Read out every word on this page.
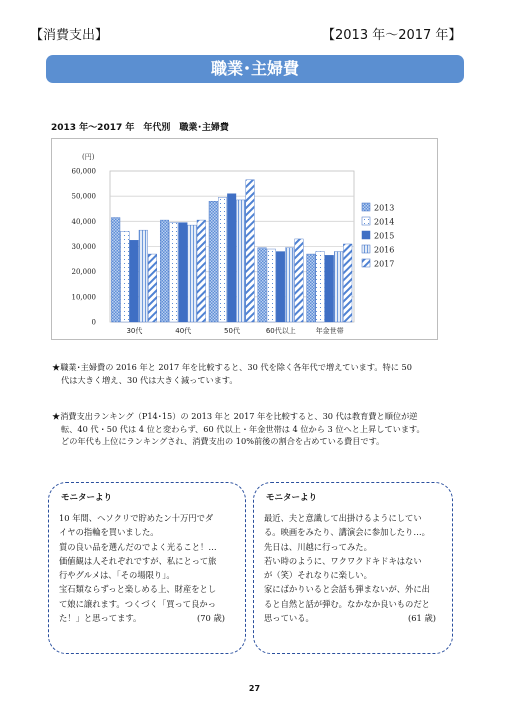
【消費支出】	【2013 年～2017 年】
職業･主婦費
2013 年～2017 年　年代別　職業･主婦費
(円)
0
10,000
20,000
30,000
40,000
50,000
60,000
30代	40代	50代	60代以上	年金世帯
2013
2014
2015
2016
2017
★職業･主婦費の 2016 年と 2017 年を比較すると、30 代を除く各年代で増えています。特に 50
代は大きく増え、30 代は大きく減っています。
★消費支出ランキング（P14･15）の 2013 年と 2017 年を比較すると、30 代は教育費と順位が逆
転、40 代・50 代は 4 位と変わらず、60 代以上・年金世帯は 4 位から 3 位へと上昇しています。
どの年代も上位にランキングされ、消費支出の 10%前後の割合を占めている費目です。
モニターより
10 年間、ヘソクリで貯めたン十万円でダ
イヤの指輪を買いました。
質の良い品を選んだのでよく光ること！…
価値観は人それぞれですが、私にとって旅
行やグルメは、「その場限り」。
宝石類ならずっと楽しめる上、財産をとし
て娘に譲れます。つくづく「買って良かっ
た！」と思ってます。	(70 歳)
モニターより
最近、夫と意識して出掛けるようにしてい
る。映画をみたり、講演会に参加したり…。
先日は、川越に行ってみた。
若い時のように、ワクワクドキドキはない
が（笑）それなりに楽しい。
家にばかりいると会話も弾まないが、外に出
ると自然と話が弾む。なかなか良いものだと
思っている。	(61 歳)
27
